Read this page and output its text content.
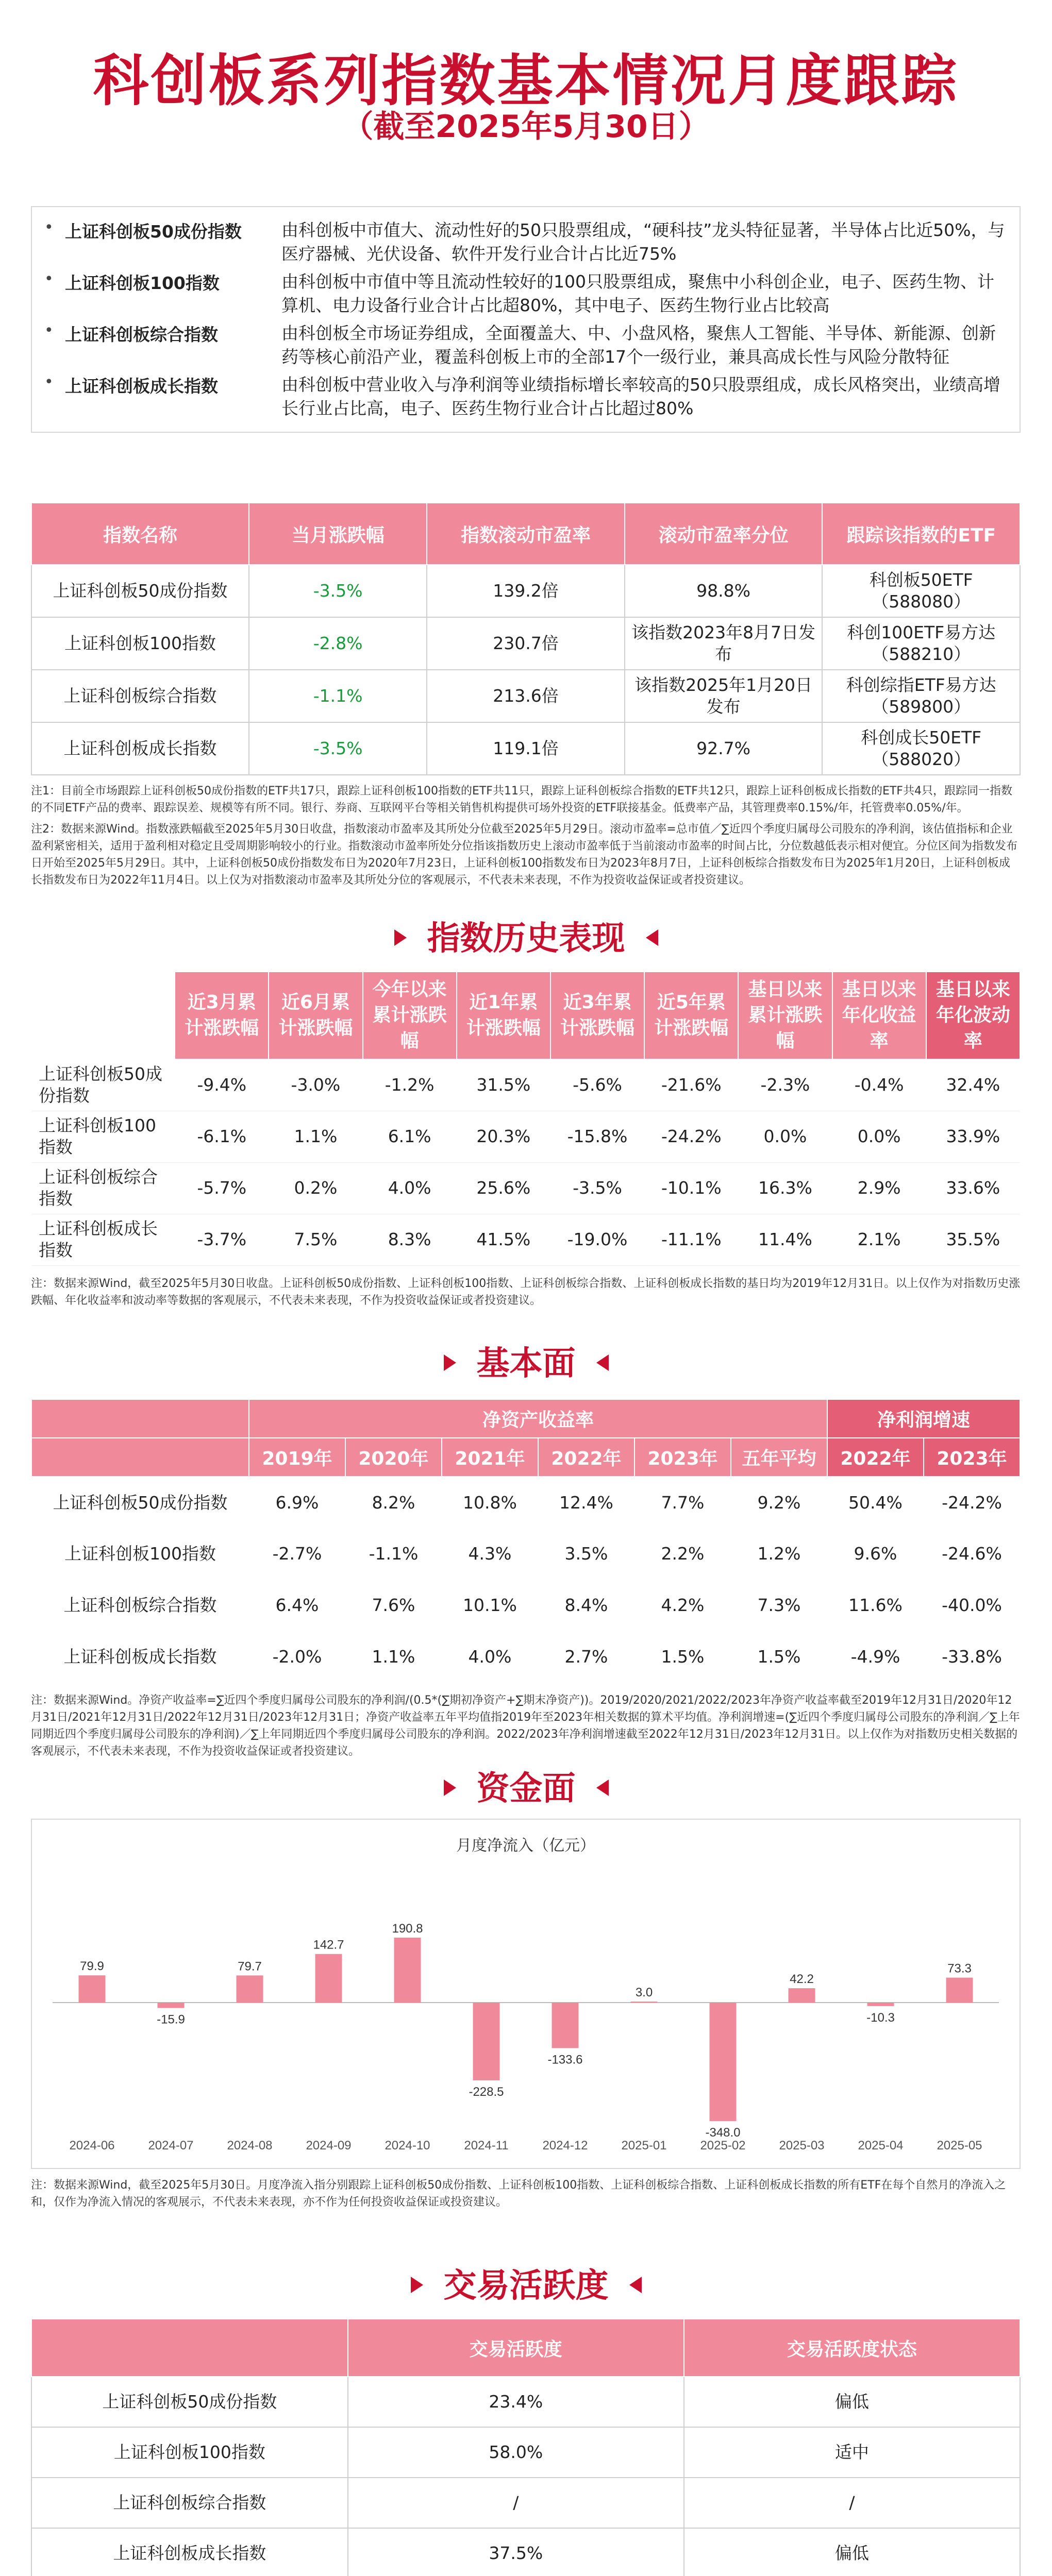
科创板系列指数基本情况月度跟踪
（截至2025年5月30日）
• 上证科创板50成份指数	由科创板中市值大、流动性好的50只股票组成，“硬科技”龙头特征显著，半导体占比近50%，与医疗器械、光伏设备、软件开发行业合计占比近75%
• 上证科创板100指数	由科创板中市值中等且流动性较好的100只股票组成，聚焦中小科创企业，电子、医药生物、计算机、电力设备行业合计占比超80%，其中电子、医药生物行业占比较高
• 上证科创板综合指数	由科创板全市场证券组成，全面覆盖大、中、小盘风格，聚焦人工智能、半导体、新能源、创新药等核心前沿产业，覆盖科创板上市的全部17个一级行业，兼具高成长性与风险分散特征
• 上证科创板成长指数	由科创板中营业收入与净利润等业绩指标增长率较高的50只股票组成，成长风格突出，业绩高增长行业占比高，电子、医药生物行业合计占比超过80%
指数名称	当月涨跌幅	指数滚动市盈率	滚动市盈率分位	跟踪该指数的ETF
上证科创板50成份指数	-3.5%	139.2倍	98.8%	科创板50ETF
（588080）

上证科创板100指数	-2.8%	230.7倍	该指数2023年8月7日发布	科创100ETF易方达
（588210）

上证科创板综合指数	-1.1%	213.6倍	该指数2025年1月20日发布	科创综指ETF易方达
（589800）

上证科创板成长指数	-3.5%	119.1倍	92.7%	科创成长50ETF
（588020）

注1：目前全市场跟踪上证科创板50成份指数的ETF共17只，跟踪上证科创板100指数的ETF共11只，跟踪上证科创板综合指数的ETF共12只，跟踪上证科创板成长指数的ETF共4只，跟踪同一指数的不同ETF产品的费率、跟踪误差、规模等有所不同。银行、券商、互联网平台等相关销售机构提供可场外投资的ETF联接基金。低费率产品，其管理费率0.15%/年，托管费率0.05%/年。

注2：数据来源Wind。指数涨跌幅截至2025年5月30日收盘，指数滚动市盈率及其所处分位截至2025年5月29日。滚动市盈率=总市值／∑近四个季度归属母公司股东的净利润，该估值指标和企业盈利紧密相关，适用于盈利相对稳定且受周期影响较小的行业。指数滚动市盈率所处分位指该指数历史上滚动市盈率低于当前滚动市盈率的时间占比，分位数越低表示相对便宜。分位区间为指数发布日开始至2025年5月29日。其中，上证科创板50成份指数发布日为2020年7月23日，上证科创板100指数发布日为2023年8月7日，上证科创板综合指数发布日为2025年1月20日，上证科创板成长指数发布日为2022年11月4日。以上仅为对指数滚动市盈率及其所处分位的客观展示，不代表未来表现，不作为投资收益保证或者投资建议。

指数历史表现
	近3月累计涨跌幅	近6月累计涨跌幅	今年以来累计涨跌幅	近1年累计涨跌幅	近3年累计涨跌幅	近5年累计涨跌幅	基日以来累计涨跌幅	基日以来年化收益率	基日以来年化波动率
上证科创板50成份指数	-9.4%	-3.0%	-1.2%	31.5%	-5.6%	-21.6%	-2.3%	-0.4%	32.4%
上证科创板100指数	-6.1%	1.1%	6.1%	20.3%	-15.8%	-24.2%	0.0%	0.0%	33.9%
上证科创板综合指数	-5.7%	0.2%	4.0%	25.6%	-3.5%	-10.1%	16.3%	2.9%	33.6%
上证科创板成长指数	-3.7%	7.5%	8.3%	41.5%	-19.0%	-11.1%	11.4%	2.1%	35.5%

注：数据来源Wind，截至2025年5月30日收盘。上证科创板50成份指数、上证科创板100指数、上证科创板综合指数、上证科创板成长指数的基日均为2019年12月31日。以上仅作为对指数历史涨跌幅、年化收益率和波动率等数据的客观展示，不代表未来表现，不作为投资收益保证或者投资建议。

基本面
	净资产收益率						净利润增速	
	2019年	2020年	2021年	2022年	2023年	五年平均	2022年	2023年
上证科创板50成份指数	6.9%	8.2%	10.8%	12.4%	7.7%	9.2%	50.4%	-24.2%
上证科创板100指数	-2.7%	-1.1%	4.3%	3.5%	2.2%	1.2%	9.6%	-24.6%
上证科创板综合指数	6.4%	7.6%	10.1%	8.4%	4.2%	7.3%	11.6%	-40.0%
上证科创板成长指数	-2.0%	1.1%	4.0%	2.7%	1.5%	1.5%	-4.9%	-33.8%

注：数据来源Wind。净资产收益率=∑近四个季度归属母公司股东的净利润/(0.5*(∑期初净资产+∑期末净资产))。2019/2020/2021/2022/2023年净资产收益率截至2019年12月31日/2020年12月31日/2021年12月31日/2022年12月31日/2023年12月31日；净资产收益率五年平均值指2019年至2023年相关数据的算术平均值。净利润增速=(∑近四个季度归属母公司股东的净利润／∑上年同期近四个季度归属母公司股东的净利润)／∑上年同期近四个季度归属母公司股东的净利润。2022/2023年净利润增速截至2022年12月31日/2023年12月31日。以上仅作为对指数历史相关数据的客观展示，不代表未来表现，不作为投资收益保证或者投资建议。

资金面
月度净流入（亿元）
79.9
2024-06
-15.9
2024-07
79.7
2024-08
142.7
2024-09
190.8
2024-10
-228.5
2024-11
-133.6
2024-12
3.0
2025-01
-348.0
2025-02
42.2
2025-03
-10.3
2025-04
73.3
2025-05

注：数据来源Wind，截至2025年5月30日。月度净流入指分别跟踪上证科创板50成份指数、上证科创板100指数、上证科创板综合指数、上证科创板成长指数的所有ETF在每个自然月的净流入之和，仅作为净流入情况的客观展示，不代表未来表现，亦不作为任何投资收益保证或投资建议。

交易活跃度
	交易活跃度	交易活跃度状态
上证科创板50成份指数	23.4%	偏低
上证科创板100指数	58.0%	适中
上证科创板综合指数	/	/
上证科创板成长指数	37.5%	偏低
